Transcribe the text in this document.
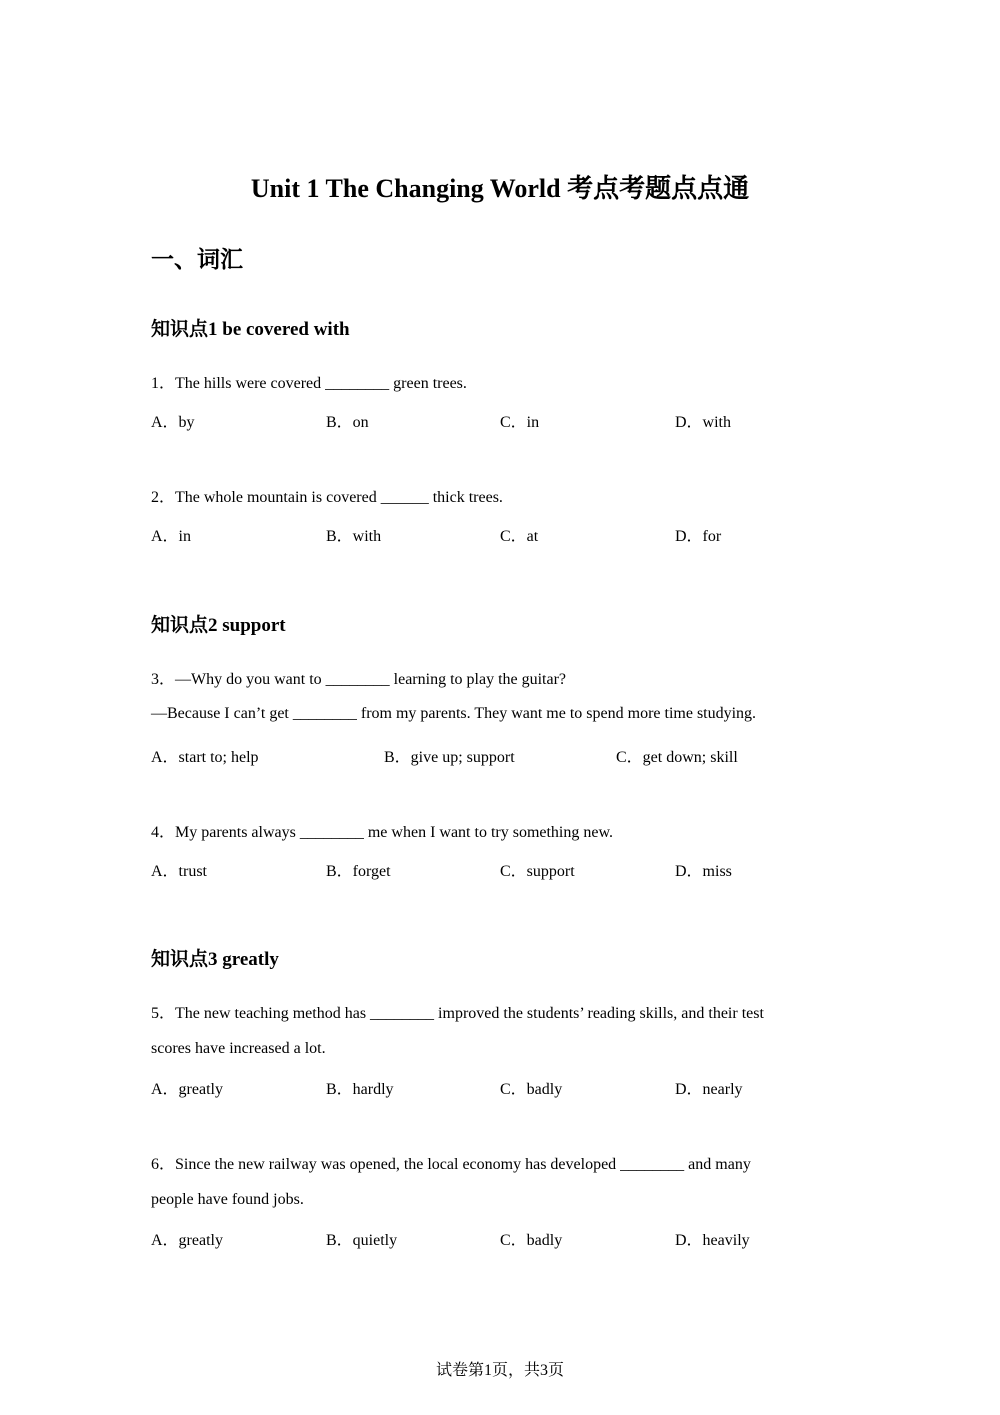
Unit 1 The Changing World 考点考题点点通
一、词汇
知识点1 be covered with
1．The hills were covered ________ green trees.
A．by	B．on	C．in	D．with
2．The whole mountain is covered ______ thick trees.
A．in	B．with	C．at	D．for
知识点2 support
3．—Why do you want to ________ learning to play the guitar?
—Because I can’t get ________ from my parents. They want me to spend more time studying.
A．start to; help	B．give up; support	C．get down; skill
4．My parents always ________ me when I want to try something new.
A．trust	B．forget	C．support	D．miss
知识点3 greatly
5．The new teaching method has ________ improved the students’ reading skills, and their test
scores have increased a lot.
A．greatly	B．hardly	C．badly	D．nearly
6．Since the new railway was opened, the local economy has developed ________ and many
people have found jobs.
A．greatly	B．quietly	C．badly	D．heavily
试卷第1页，共3页
